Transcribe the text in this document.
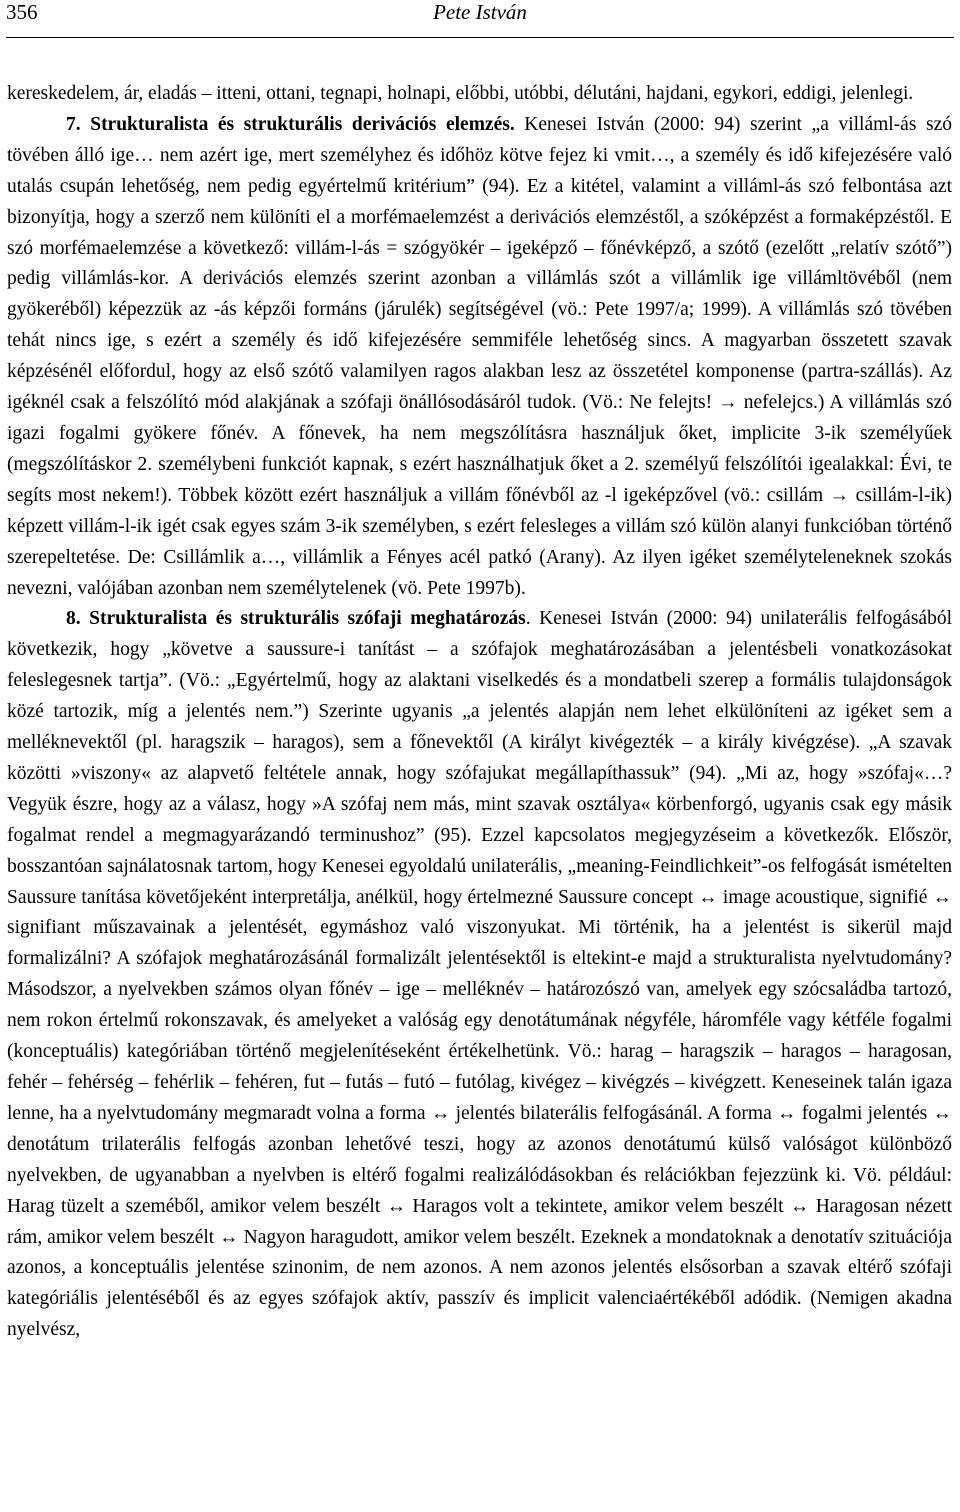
356	Pete István

kereskedelem, ár, eladás – itteni, ottani, tegnapi, holnapi, előbbi, utóbbi, délutáni, hajdani, egykori, eddigi, jelenlegi.

7. Strukturalista és strukturális derivációs elemzés. Kenesei István (2000: 94) szerint „a villáml-ás szó tövében álló ige… nem azért ige, mert személyhez és időhöz kötve fejez ki vmit…, a személy és idő kifejezésére való utalás csupán lehetőség, nem pedig egyértelmű kritérium” (94). Ez a kitétel, valamint a villáml-ás szó felbontása azt bizonyítja, hogy a szerző nem különíti el a morfémaelemzést a derivációs elemzéstől, a szóképzést a formaképzéstől. E szó morfémaelemzése a következő: villám-l-ás = szógyökér – igeképző – főnévképző, a szótő (ezelőtt „relatív szótő”) pedig villámlás-kor. A derivációs elemzés szerint azonban a villámlás szót a villámlik ige villámltövéből (nem gyökeréből) képezzük az -ás képzői formáns (járulék) segítségével (vö.: Pete 1997/a; 1999). A villámlás szó tövében tehát nincs ige, s ezért a személy és idő kifejezésére semmiféle lehetőség sincs. A magyarban összetett szavak képzésénél előfordul, hogy az első szótő valamilyen ragos alakban lesz az összetétel komponense (partra-szállás). Az igéknél csak a felszólító mód alakjának a szófaji önállósodásáról tudok. (Vö.: Ne felejts! → nefelejcs.) A villámlás szó igazi fogalmi gyökere főnév. A főnevek, ha nem megszólításra használjuk őket, implicite 3-ik személyűek (megszólításkor 2. személybeni funkciót kapnak, s ezért használhatjuk őket a 2. személyű felszólítói igealakkal: Évi, te segíts most nekem!). Többek között ezért használjuk a villám főnévből az -l igeképzővel (vö.: csillám → csillám-l-ik) képzett villám-l-ik igét csak egyes szám 3-ik személyben, s ezért felesleges a villám szó külön alanyi funkcióban történő szerepeltetése. De: Csillámlik a…, villámlik a Fényes acél patkó (Arany). Az ilyen igéket személyteleneknek szokás nevezni, valójában azonban nem személytelenek (vö. Pete 1997b).

8. Strukturalista és strukturális szófaji meghatározás. Kenesei István (2000: 94) unilaterális felfogásából következik, hogy „követve a saussure-i tanítást – a szófajok meghatározásában a jelentésbeli vonatkozásokat feleslegesnek tartja”. (Vö.: „Egyértelmű, hogy az alaktani viselkedés és a mondatbeli szerep a formális tulajdonságok közé tartozik, míg a jelentés nem.”) Szerinte ugyanis „a jelentés alapján nem lehet elkülöníteni az igéket sem a melléknevektől (pl. haragszik – haragos), sem a főnevektől (A királyt kivégezték – a király kivégzése). „A szavak közötti »viszony« az alapvető feltétele annak, hogy szófajukat megállapíthassuk” (94). „Mi az, hogy »szófaj«…? Vegyük észre, hogy az a válasz, hogy »A szófaj nem más, mint szavak osztálya« körbenforgó, ugyanis csak egy másik fogalmat rendel a megmagyarázandó terminushoz” (95). Ezzel kapcsolatos megjegyzéseim a következők. Először, bosszantóan sajnálatosnak tartom, hogy Kenesei egyoldalú unilaterális, „meaning-Feindlichkeit”-os felfogását ismételten Saussure tanítása követőjeként interpretálja, anélkül, hogy értelmezné Saussure concept ↔ image acoustique, signifié ↔ signifiant műszavainak a jelentését, egymáshoz való viszonyukat. Mi történik, ha a jelentést is sikerül majd formalizálni? A szófajok meghatározásánál formalizált jelentésektől is eltekint-e majd a strukturalista nyelvtudomány? Másodszor, a nyelvekben számos olyan főnév – ige – melléknév – határozószó van, amelyek egy szócsaládba tartozó, nem rokon értelmű rokonszavak, és amelyeket a valóság egy denotátumának négyféle, háromféle vagy kétféle fogalmi (konceptuális) kategóriában történő megjelenítéseként értékelhetünk. Vö.: harag – haragszik – haragos – haragosan, fehér – fehérség – fehérlik – fehéren, fut – futás – futó – futólag, kivégez – kivégzés – kivégzett. Keneseinek talán igaza lenne, ha a nyelvtudomány megmaradt volna a forma ↔ jelentés bilaterális felfogásánál. A forma ↔ fogalmi jelentés ↔ denotátum trilaterális felfogás azonban lehetővé teszi, hogy az azonos denotátumú külső valóságot különböző nyelvekben, de ugyanabban a nyelvben is eltérő fogalmi realizálódásokban és relációkban fejezzünk ki. Vö. például: Harag tüzelt a szeméből, amikor velem beszélt ↔ Haragos volt a tekintete, amikor velem beszélt ↔ Haragosan nézett rám, amikor velem beszélt ↔ Nagyon haragudott, amikor velem beszélt. Ezeknek a mondatoknak a denotatív szituációja azonos, a konceptuális jelentése szinonim, de nem azonos. A nem azonos jelentés elsősorban a szavak eltérő szófaji kategóriális jelentéséből és az egyes szófajok aktív, passzív és implicit valenciaértékéből adódik. (Nemigen akadna nyelvész,
